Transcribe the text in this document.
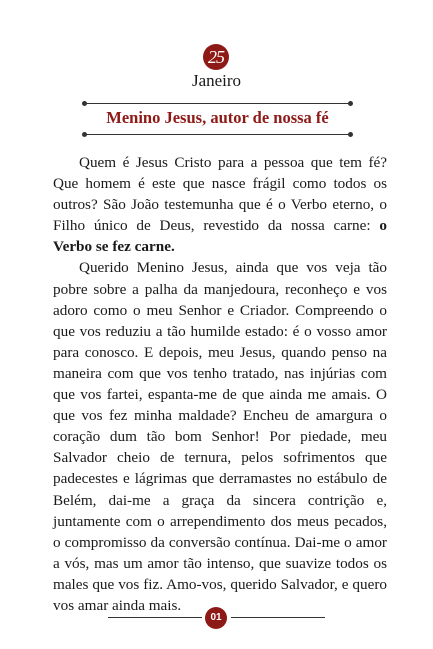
25
Janeiro
Menino Jesus, autor de nossa fé

Quem é Jesus Cristo para a pessoa que tem fé? Que homem é este que nasce frágil como todos os outros? São João testemunha que é o Verbo eterno, o Filho único de Deus, revestido da nossa carne: o Verbo se fez carne.

Querido Menino Jesus, ainda que vos veja tão pobre sobre a palha da manjedoura, reconheço e vos adoro como o meu Senhor e Criador. Compreendo o que vos reduziu a tão humilde estado: é o vosso amor para conosco. E depois, meu Jesus, quando penso na maneira com que vos tenho tratado, nas injúrias com que vos fartei, espanta-me de que ainda me amais. O que vos fez minha maldade? Encheu de amargura o coração dum tão bom Senhor! Por piedade, meu Salvador cheio de ternura, pelos sofrimentos que padecestes e lágrimas que derramastes no estábulo de Belém, dai-me a graça da sincera contrição e, juntamente com o arrependimento dos meus pecados, o compromisso da conversão contínua. Dai-me o amor a vós, mas um amor tão intenso, que suavize todos os males que vos fiz. Amo-vos, querido Salvador, e quero vos amar ainda mais.

01
